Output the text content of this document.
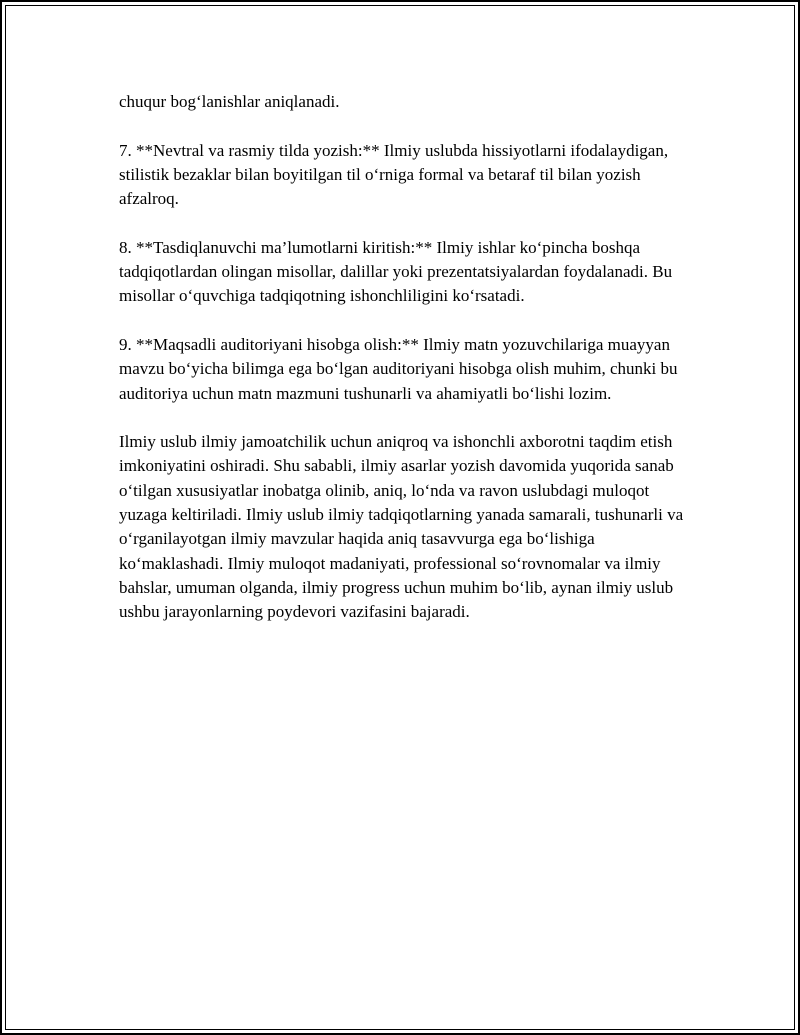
chuqur bog‘lanishlar aniqlanadi.

7. **Nevtral va rasmiy tilda yozish:** Ilmiy uslubda hissiyotlarni ifodalaydigan, stilistik bezaklar bilan boyitilgan til o‘rniga formal va betaraf til bilan yozish afzalroq.

8. **Tasdiqlanuvchi ma’lumotlarni kiritish:** Ilmiy ishlar ko‘pincha boshqa tadqiqotlardan olingan misollar, dalillar yoki prezentatsiyalardan foydalanadi. Bu misollar o‘quvchiga tadqiqotning ishonchliligini ko‘rsatadi.

9. **Maqsadli auditoriyani hisobga olish:** Ilmiy matn yozuvchilariga muayyan mavzu bo‘yicha bilimga ega bo‘lgan auditoriyani hisobga olish muhim, chunki bu auditoriya uchun matn mazmuni tushunarli va ahamiyatli bo‘lishi lozim.

Ilmiy uslub ilmiy jamoatchilik uchun aniqroq va ishonchli axborotni taqdim etish imkoniyatini oshiradi. Shu sababli, ilmiy asarlar yozish davomida yuqorida sanab o‘tilgan xususiyatlar inobatga olinib, aniq, lo‘nda va ravon uslubdagi muloqot yuzaga keltiriladi. Ilmiy uslub ilmiy tadqiqotlarning yanada samarali, tushunarli va o‘rganilayotgan ilmiy mavzular haqida aniq tasavvurga ega bo‘lishiga ko‘maklashadi. Ilmiy muloqot madaniyati, professional so‘rovnomalar va ilmiy bahslar, umuman olganda, ilmiy progress uchun muhim bo‘lib, aynan ilmiy uslub ushbu jarayonlarning poydevori vazifasini bajaradi.
